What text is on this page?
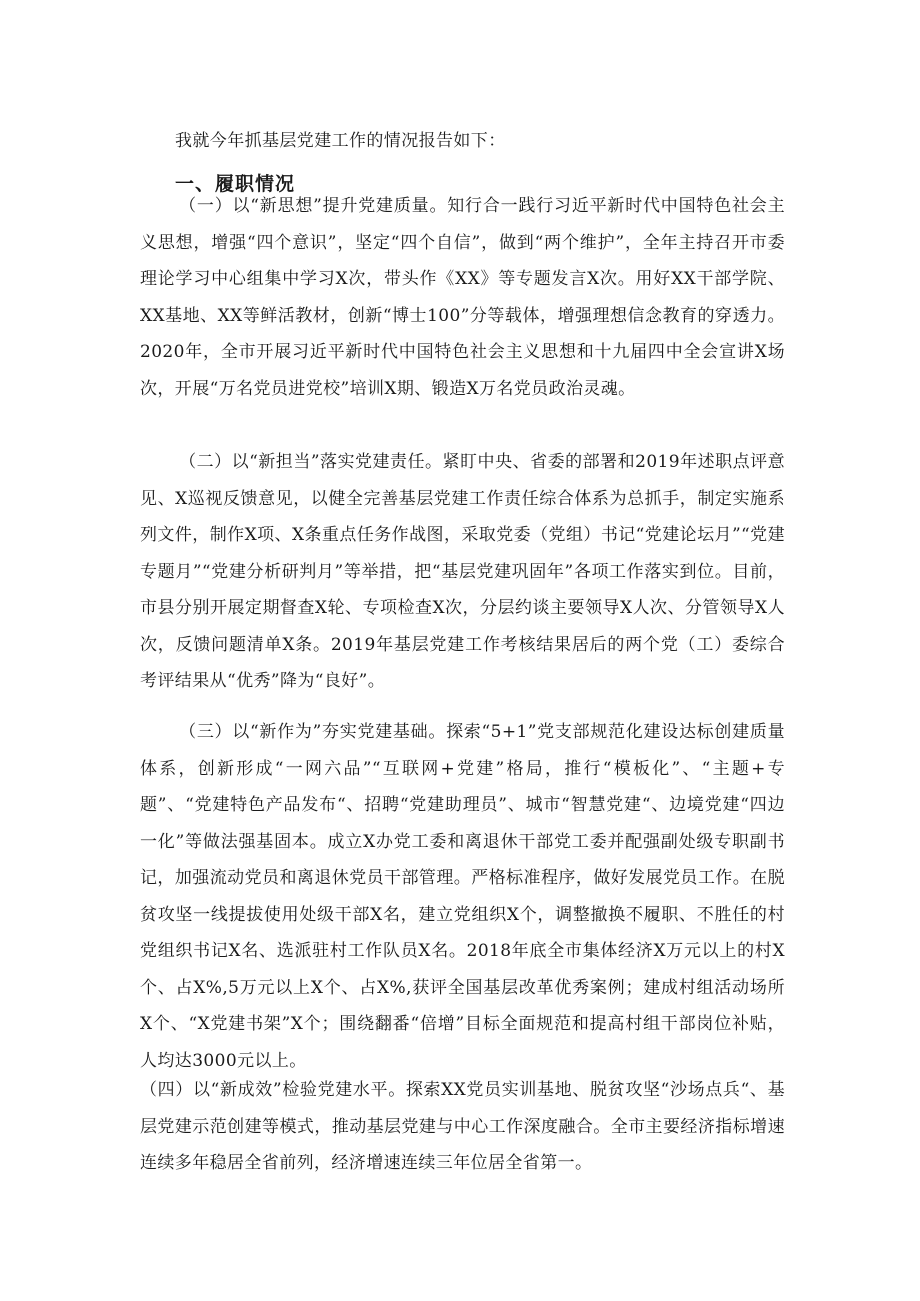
我就今年抓基层党建工作的情况报告如下：

一、履职情况

（一）以“新思想”提升党建质量。知行合一践行习近平新时代中国特色社会主义思想，增强“四个意识”，坚定“四个自信”，做到“两个维护”，全年主持召开市委理论学习中心组集中学习X次，带头作《XX》等专题发言X次。用好XX干部学院、XX基地、XX等鲜活教材，创新“博士100”分等载体，增强理想信念教育的穿透力。2020年，全市开展习近平新时代中国特色社会主义思想和十九届四中全会宣讲X场次，开展“万名党员进党校”培训X期、锻造X万名党员政治灵魂。

（二）以“新担当”落实党建责任。紧盯中央、省委的部署和2019年述职点评意见、X巡视反馈意见，以健全完善基层党建工作责任综合体系为总抓手，制定实施系列文件，制作X项、X条重点任务作战图，采取党委（党组）书记“党建论坛月”“党建专题月”“党建分析研判月”等举措，把“基层党建巩固年”各项工作落实到位。目前，市县分别开展定期督查X轮、专项检查X次，分层约谈主要领导X人次、分管领导X人次，反馈问题清单X条。2019年基层党建工作考核结果居后的两个党（工）委综合考评结果从“优秀”降为“良好”。

（三）以“新作为”夯实党建基础。探索“5+1”党支部规范化建设达标创建质量体系，创新形成“一网六品”“互联网+党建”格局，推行“模板化”、“主题+专题”、“党建特色产品发布“、招聘“党建助理员”、城市“智慧党建“、边境党建“四边一化”等做法强基固本。成立X办党工委和离退休干部党工委并配强副处级专职副书记，加强流动党员和离退休党员干部管理。严格标准程序，做好发展党员工作。在脱贫攻坚一线提拔使用处级干部X名，建立党组织X个，调整撤换不履职、不胜任的村党组织书记X名、选派驻村工作队员X名。2018年底全市集体经济X万元以上的村X个、占X%,5万元以上X个、占X%,获评全国基层改革优秀案例；建成村组活动场所X个、“X党建书架”X个；围绕翻番“倍增”目标全面规范和提高村组干部岗位补贴，人均达3000元以上。

（四）以“新成效”检验党建水平。探索XX党员实训基地、脱贫攻坚“沙场点兵“、基层党建示范创建等模式，推动基层党建与中心工作深度融合。全市主要经济指标增速连续多年稳居全省前列，经济增速连续三年位居全省第一。
